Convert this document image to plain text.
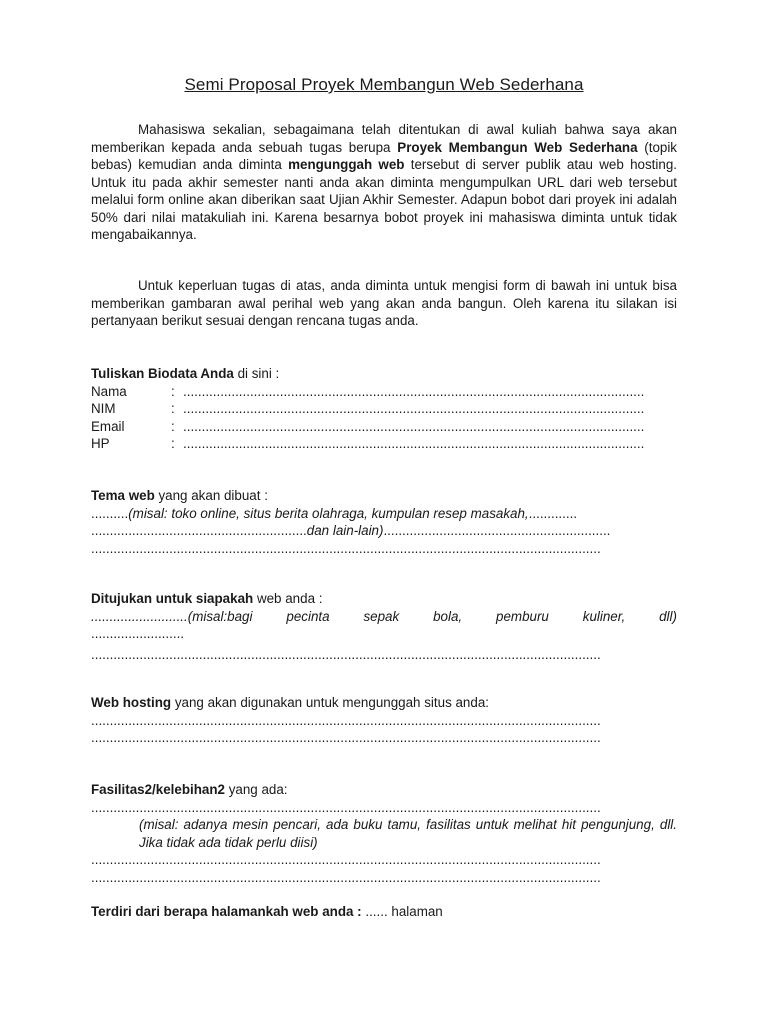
Semi Proposal Proyek Membangun Web Sederhana
Mahasiswa sekalian, sebagaimana telah ditentukan di awal kuliah bahwa saya akan memberikan kepada anda sebuah tugas berupa Proyek Membangun Web Sederhana (topik bebas) kemudian anda diminta mengunggah web tersebut di server publik atau web hosting. Untuk itu pada akhir semester nanti anda akan diminta mengumpulkan URL dari web tersebut melalui form online akan diberikan saat Ujian Akhir Semester. Adapun bobot dari proyek ini adalah 50% dari nilai matakuliah ini. Karena besarnya bobot proyek ini mahasiswa diminta untuk tidak mengabaikannya.
Untuk keperluan tugas di atas, anda diminta untuk mengisi form di bawah ini untuk bisa memberikan gambaran awal perihal web yang akan anda bangun. Oleh karena itu silakan isi pertanyaan berikut sesuai dengan rencana tugas anda.
Tuliskan Biodata Anda di sini :
Nama	: ............................................................................................................................
NIM	: ............................................................................................................................
Email	: ............................................................................................................................
HP	: ............................................................................................................................
Tema web yang akan dibuat :
..........(misal: toko online, situs berita olahraga, kumpulan resep masakah,.............
..........................................................dan lain-lain).............................................................
.........................................................................................................................................
Ditujukan untuk siapakah web anda :
..........................(misal:bagi	pecinta	sepak	bola,	pemburu	kuliner,	dll)
.........................
.........................................................................................................................................
Web hosting yang akan digunakan untuk mengunggah situs anda:
.........................................................................................................................................
.........................................................................................................................................
Fasilitas2/kelebihan2 yang ada:
.........................................................................................................................................
(misal: adanya mesin pencari, ada buku tamu, fasilitas untuk melihat hit pengunjung, dll. Jika tidak ada tidak perlu diisi)
.........................................................................................................................................
.........................................................................................................................................
Terdiri dari berapa halamankah web anda : ...... halaman
